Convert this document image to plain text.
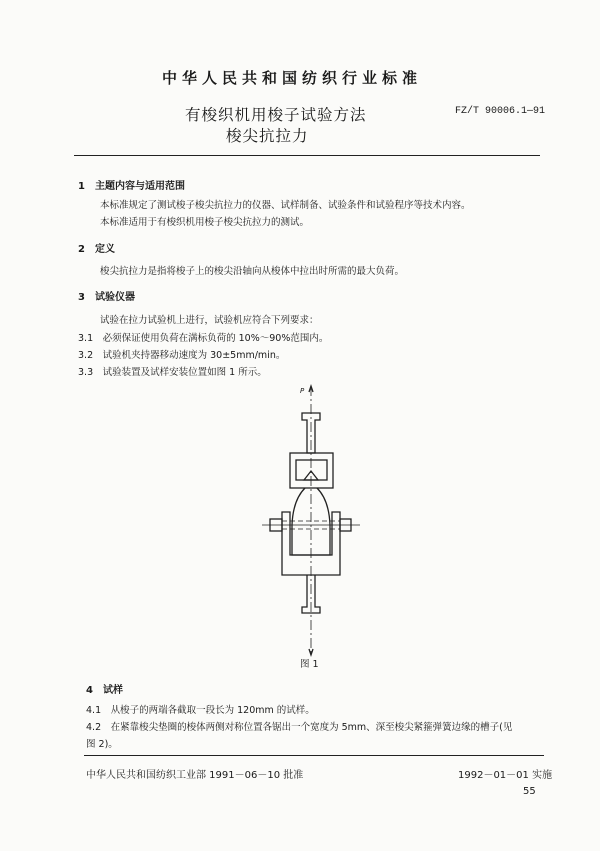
中华人民共和国纺织行业标准
有梭织机用梭子试验方法
梭尖抗拉力
FZ/T 90006.1—91
1　主题内容与适用范围
本标准规定了测试梭子梭尖抗拉力的仪器、试样制备、试验条件和试验程序等技术内容。
本标准适用于有梭织机用梭子梭尖抗拉力的测试。
2　定义
梭尖抗拉力是指将梭子上的梭尖沿轴向从梭体中拉出时所需的最大负荷。
3　试验仪器
试验在拉力试验机上进行，试验机应符合下列要求：
3.1　必须保证使用负荷在满标负荷的 10%～90%范围内。
3.2　试验机夹持器移动速度为 30±5mm/min。
3.3　试验装置及试样安装位置如图 1 所示。
P
图 1
4　试样
4.1　从梭子的两端各截取一段长为 120mm 的试样。
4.2　在紧靠梭尖垫圈的梭体两侧对称位置各锯出一个宽度为 5mm、深至梭尖紧箍弹簧边缘的槽子(见
图 2)。
中华人民共和国纺织工业部 1991－06－10 批准	1992－01－01 实施
55
